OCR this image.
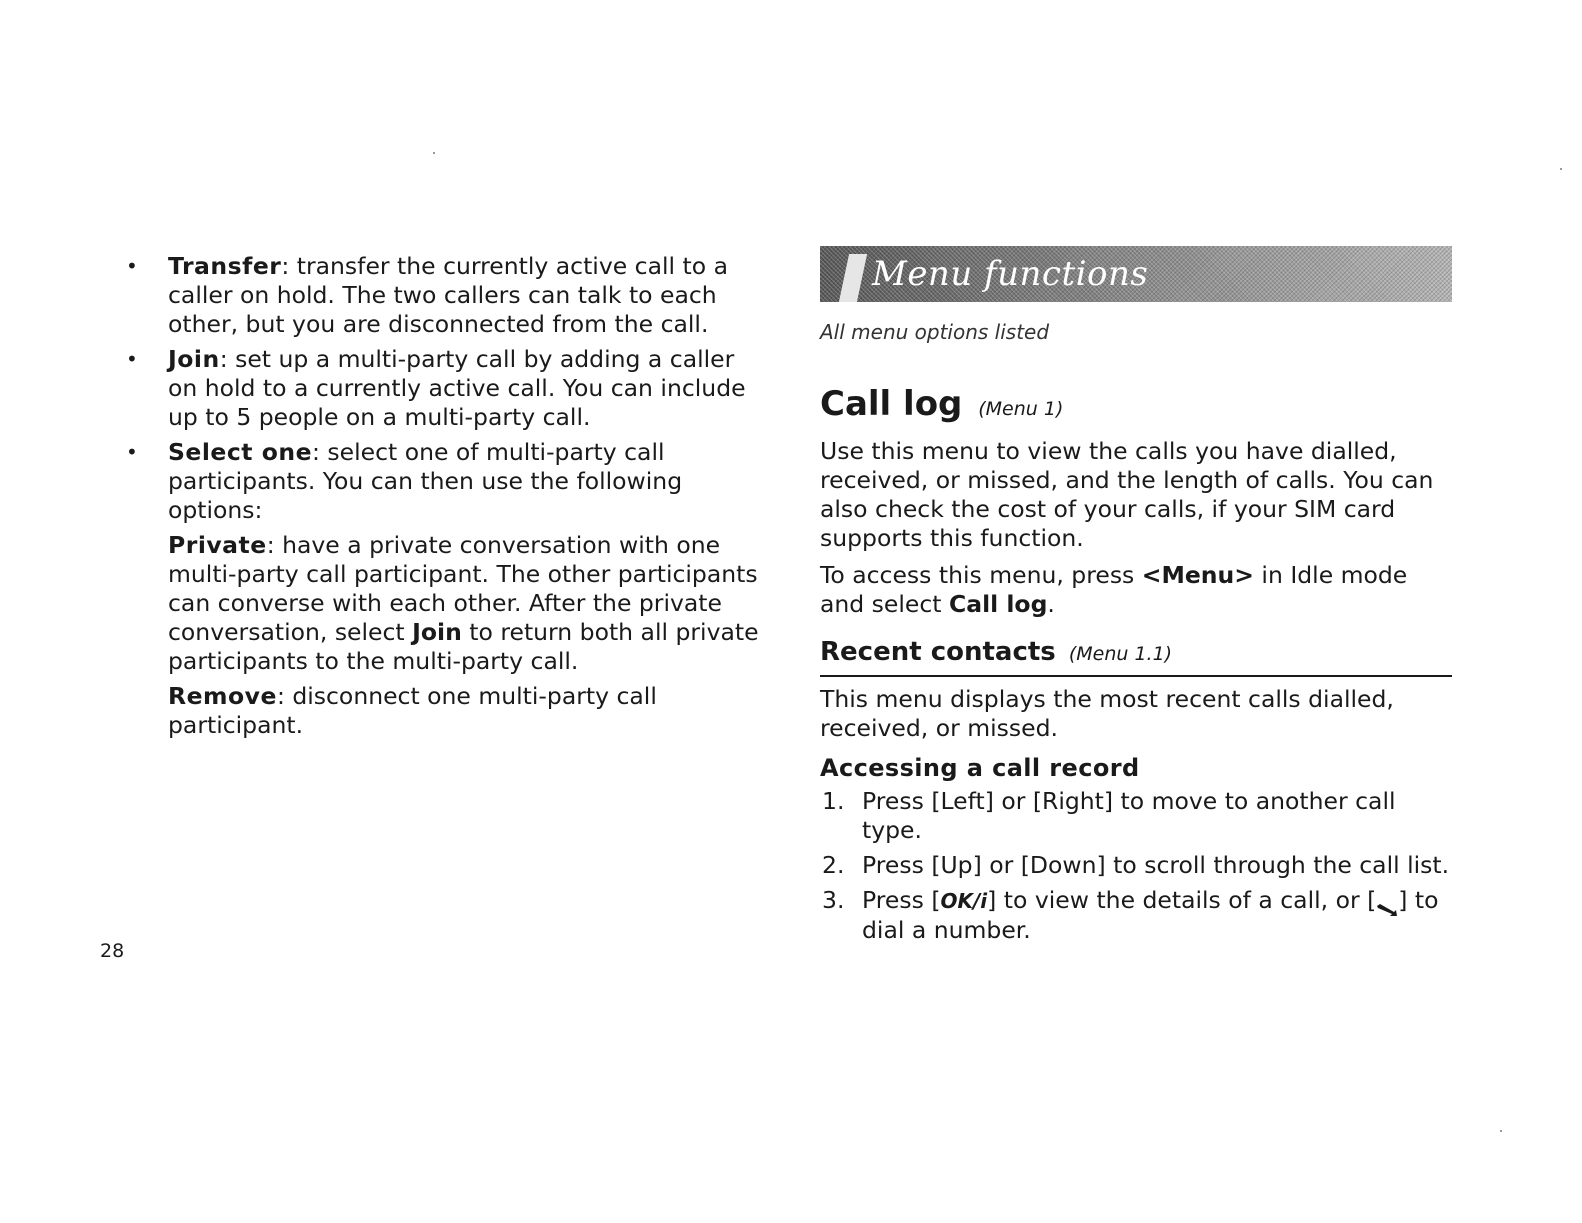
• Transfer: transfer the currently active call to a caller on hold. The two callers can talk to each other, but you are disconnected from the call.
• Join: set up a multi-party call by adding a caller on hold to a currently active call. You can include up to 5 people on a multi-party call.
• Select one: select one of multi-party call participants. You can then use the following options:
Private: have a private conversation with one multi-party call participant. The other participants can converse with each other. After the private conversation, select Join to return both all private participants to the multi-party call.
Remove: disconnect one multi-party call participant.
28
Menu functions
All menu options listed
Call log (Menu 1)
Use this menu to view the calls you have dialled, received, or missed, and the length of calls. You can also check the cost of your calls, if your SIM card supports this function.
To access this menu, press <Menu> in Idle mode and select Call log.
Recent contacts (Menu 1.1)
This menu displays the most recent calls dialled, received, or missed.
Accessing a call record
1. Press [Left] or [Right] to move to another call type.
2. Press [Up] or [Down] to scroll through the call list.
3. Press [OK/i] to view the details of a call, or [ ] to dial a number.
